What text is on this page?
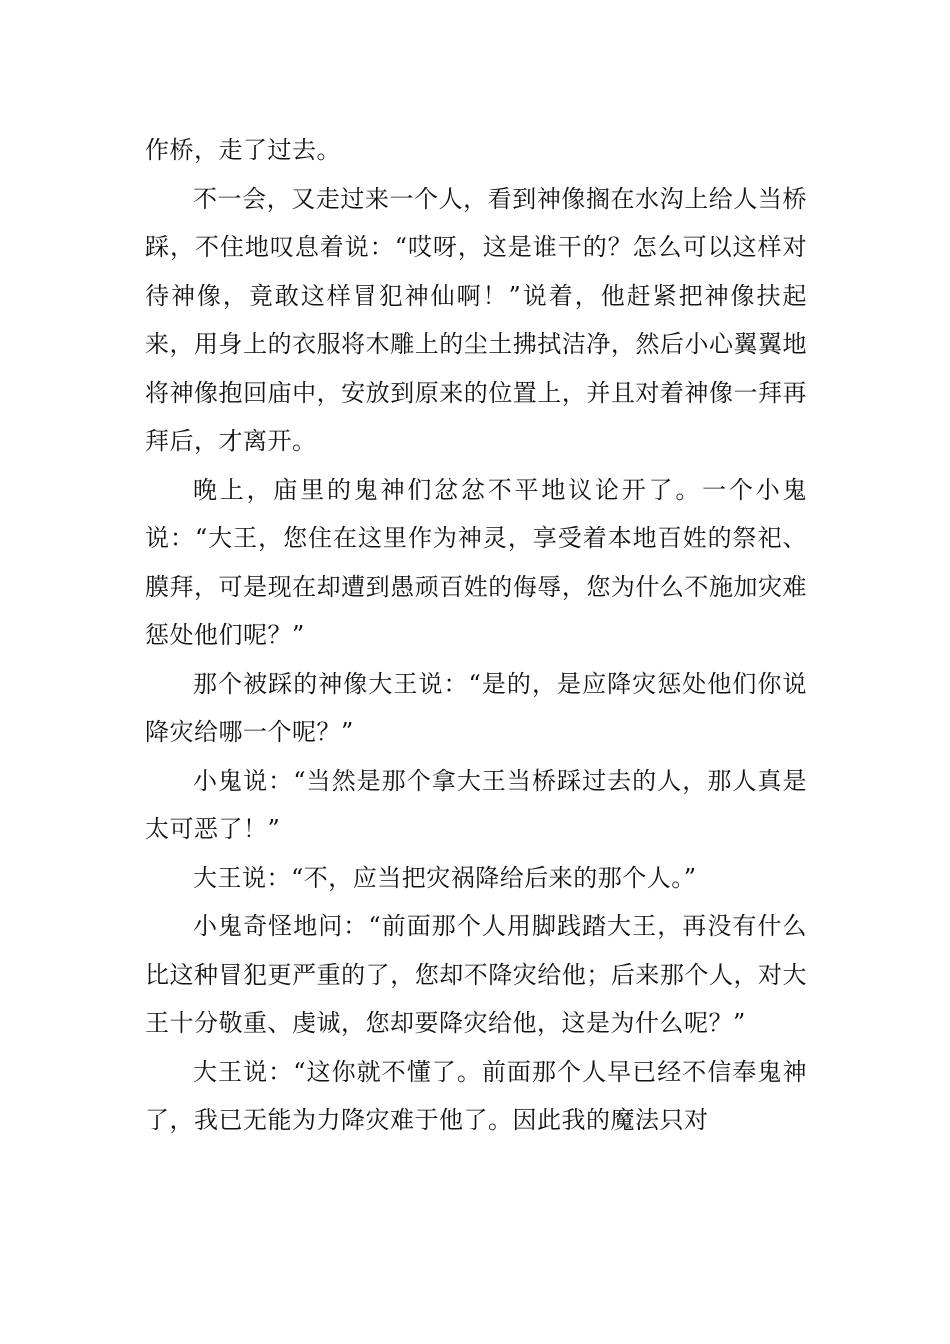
作桥，走了过去。

不一会，又走过来一个人，看到神像搁在水沟上给人当桥踩，不住地叹息着说：“哎呀，这是谁干的？怎么可以这样对待神像，竟敢这样冒犯神仙啊！”说着，他赶紧把神像扶起来，用身上的衣服将木雕上的尘土拂拭洁净，然后小心翼翼地将神像抱回庙中，安放到原来的位置上，并且对着神像一拜再拜后，才离开。

晚上，庙里的鬼神们忿忿不平地议论开了。一个小鬼说：“大王，您住在这里作为神灵，享受着本地百姓的祭祀、膜拜，可是现在却遭到愚顽百姓的侮辱，您为什么不施加灾难惩处他们呢？”

那个被踩的神像大王说：“是的，是应降灾惩处他们你说降灾给哪一个呢？”

小鬼说：“当然是那个拿大王当桥踩过去的人，那人真是太可恶了！”

大王说：“不，应当把灾祸降给后来的那个人。”

小鬼奇怪地问：“前面那个人用脚践踏大王，再没有什么比这种冒犯更严重的了，您却不降灾给他；后来那个人，对大王十分敬重、虔诚，您却要降灾给他，这是为什么呢？”

大王说：“这你就不懂了。前面那个人早已经不信奉鬼神了，我已无能为力降灾难于他了。因此我的魔法只对
